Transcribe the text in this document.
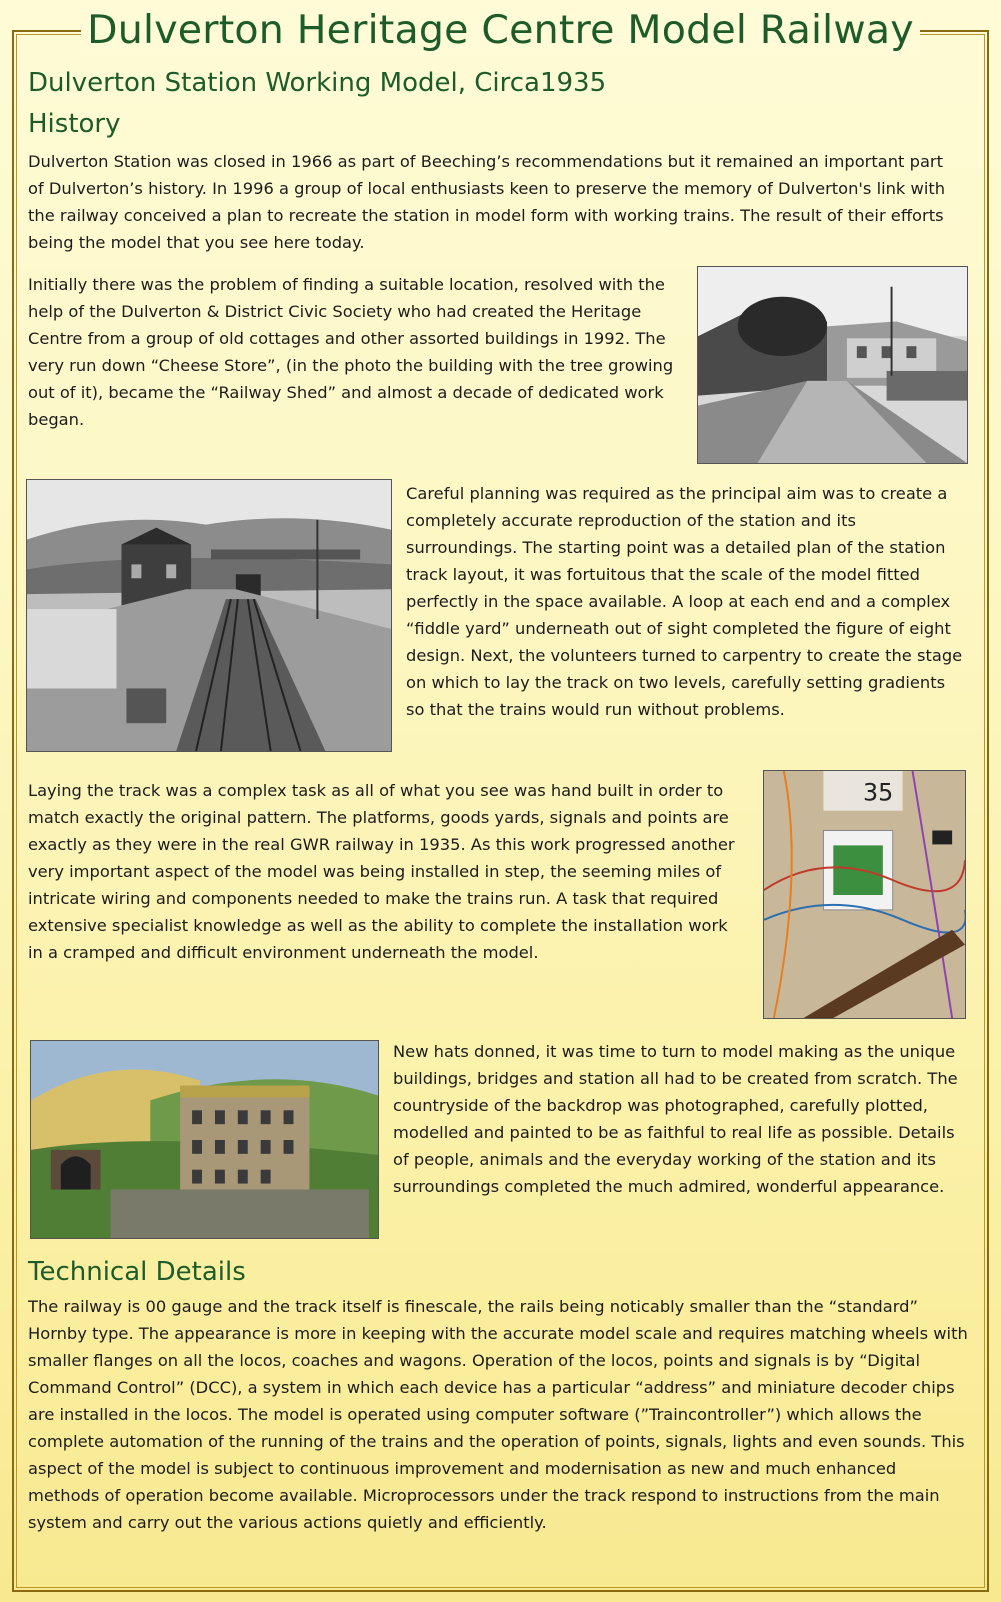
Dulverton Heritage Centre Model Railway
Dulverton Station Working Model, Circa1935
History

Dulverton Station was closed in 1966 as part of Beeching’s recommendations but it remained an important part of Dulverton’s history. In 1996 a group of local enthusiasts keen to preserve the memory of Dulverton's link with the railway conceived a plan to recreate the station in model form with working trains. The result of their efforts being the model that you see here today.

Initially there was the problem of finding a suitable location, resolved with the help of the Dulverton & District Civic Society who had created the Heritage Centre from a group of old cottages and other assorted buildings in 1992. The very run down “Cheese Store”, (in the photo the building with the tree growing out of it), became the “Railway Shed” and almost a decade of dedicated work began.

Careful planning was required as the principal aim was to create a completely accurate reproduction of the station and its surroundings. The starting point was a detailed plan of the station track layout, it was fortuitous that the scale of the model fitted perfectly in the space available. A loop at each end and a complex “fiddle yard” underneath out of sight completed the figure of eight design. Next, the volunteers turned to carpentry to create the stage on which to lay the track on two levels, carefully setting gradients so that the trains would run without problems.

Laying the track was a complex task as all of what you see was hand built in order to match exactly the original pattern. The platforms, goods yards, signals and points are exactly as they were in the real GWR railway in 1935. As this work progressed another very important aspect of the model was being installed in step, the seeming miles of intricate wiring and components needed to make the trains run. A task that required extensive specialist knowledge as well as the ability to complete the installation work in a cramped and difficult environment underneath the model.

35

New hats donned, it was time to turn to model making as the unique buildings, bridges and station all had to be created from scratch. The countryside of the backdrop was photographed, carefully plotted, modelled and painted to be as faithful to real life as possible. Details of people, animals and the everyday working of the station and its surroundings completed the much admired, wonderful appearance.

Technical Details

The railway is 00 gauge and the track itself is finescale, the rails being noticably smaller than the “standard” Hornby type. The appearance is more in keeping with the accurate model scale and requires matching wheels with smaller flanges on all the locos, coaches and wagons. Operation of the locos, points and signals is by “Digital Command Control” (DCC), a system in which each device has a particular “address” and miniature decoder chips are installed in the locos. The model is operated using computer software (”Traincontroller”) which allows the complete automation of the running of the trains and the operation of points, signals, lights and even sounds. This aspect of the model is subject to continuous improvement and modernisation as new and much enhanced methods of operation become available. Microprocessors under the track respond to instructions from the main system and carry out the various actions quietly and efficiently.
